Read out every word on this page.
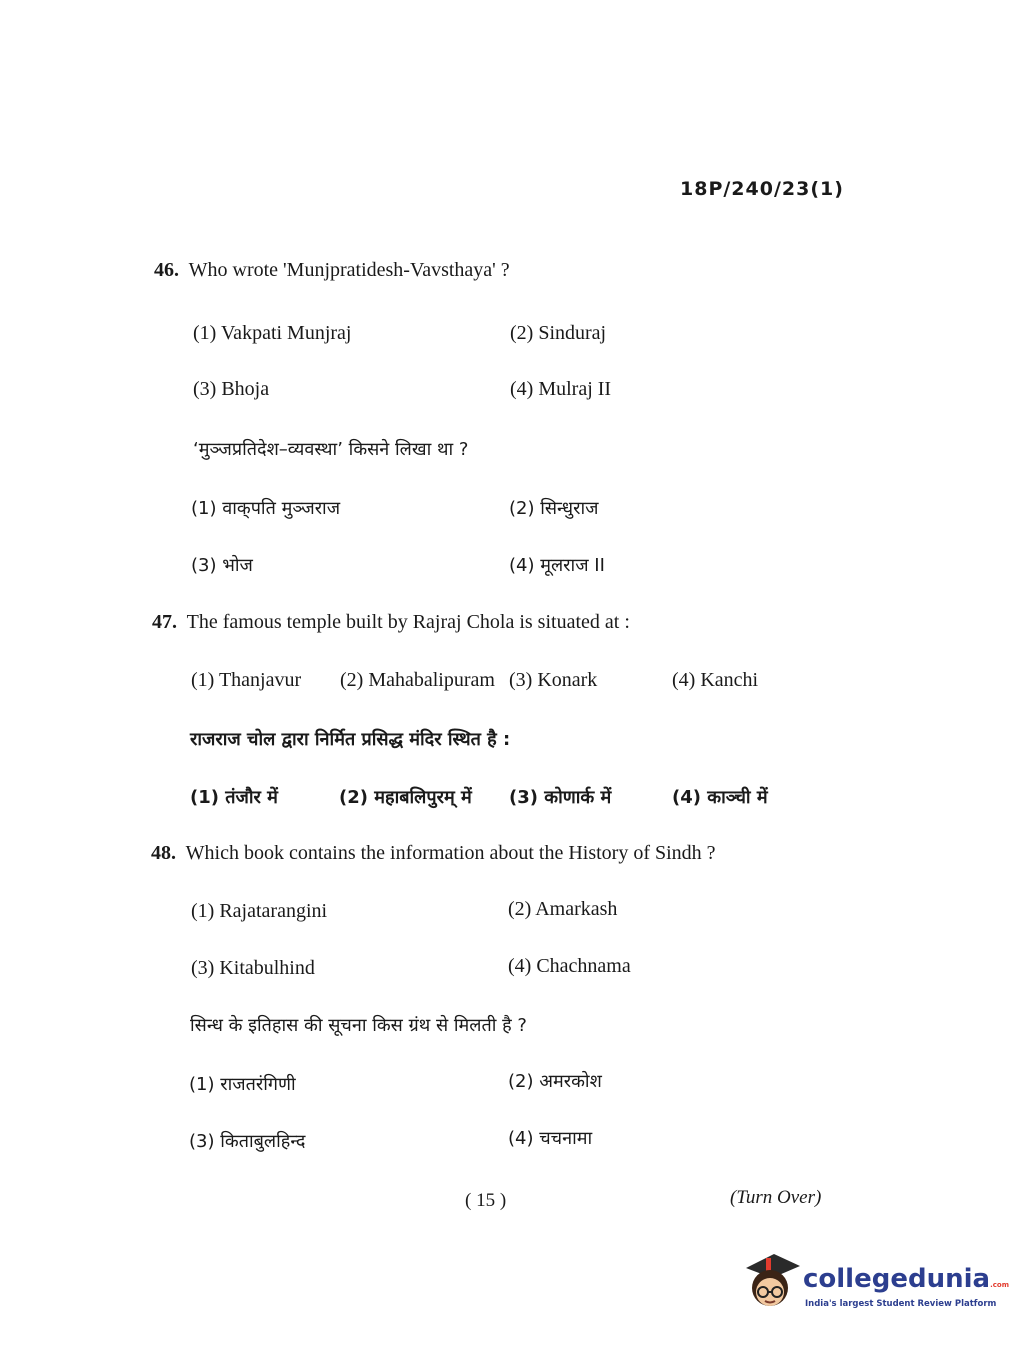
18P/240/23(1)
46. Who wrote 'Munjpratidesh-Vavsthaya' ?
(1) Vakpati Munjraj	(2) Sinduraj
(3) Bhoja	(4) Mulraj II
‘मुञ्जप्रतिदेश–व्यवस्था’ किसने लिखा था ?
(1) वाक्‌पति मुञ्जराज	(2) सिन्धुराज
(3) भोज	(4) मूलराज II
47. The famous temple built by Rajraj Chola is situated at :
(1) Thanjavur (2) Mahabalipuram (3) Konark	(4) Kanchi
राजराज चोल द्वारा निर्मित प्रसिद्ध मंदिर स्थित है :
(1) तंजौर में	(2) महाबलिपुरम् में (3) कोणार्क में	(4) काञ्ची में
48. Which book contains the information about the History of Sindh ?
(1) Rajatarangini	(2) Amarkash
(3) Kitabulhind	(4) Chachnama
सिन्ध के इतिहास की सूचना किस ग्रंथ से मिलती है ?
(1) राजतरंगिणी	(2) अमरकोश
(3) किताबुलहिन्द	(4) चचनामा
( 15 )	(Turn Over)
collegedunia.com
India's largest Student Review Platform
